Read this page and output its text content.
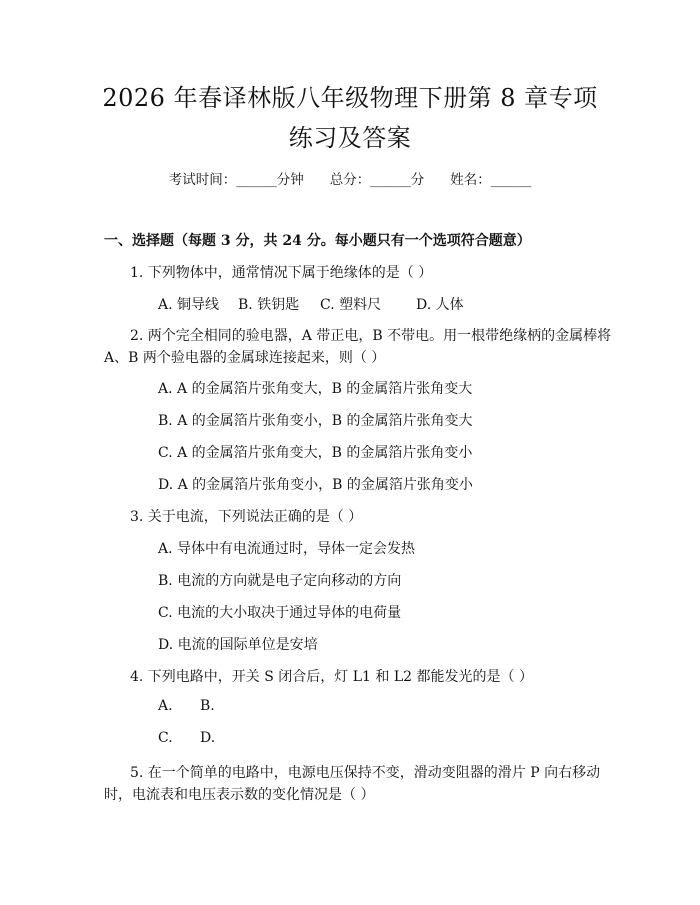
2026 年春译林版八年级物理下册第 8 章专项
练习及答案
考试时间：______分钟 总分：______分 姓名：______
一、选择题（每题 3 分，共 24 分。每小题只有一个选项符合题意）
1. 下列物体中，通常情况下属于绝缘体的是（ ）
A. 铜导线 B. 铁钥匙 C. 塑料尺 D. 人体
2. 两个完全相同的验电器，A 带正电，B 不带电。用一根带绝缘柄的金属棒将
A、B 两个验电器的金属球连接起来，则（ ）
A. A 的金属箔片张角变大，B 的金属箔片张角变大
B. A 的金属箔片张角变小，B 的金属箔片张角变大
C. A 的金属箔片张角变大，B 的金属箔片张角变小
D. A 的金属箔片张角变小，B 的金属箔片张角变小
3. 关于电流，下列说法正确的是（ ）
A. 导体中有电流通过时，导体一定会发热
B. 电流的方向就是电子定向移动的方向
C. 电流的大小取决于通过导体的电荷量
D. 电流的国际单位是安培
4. 下列电路中，开关 S 闭合后，灯 L1 和 L2 都能发光的是（ ）
A. B.
C. D.
5. 在一个简单的电路中，电源电压保持不变，滑动变阻器的滑片 P 向右移动
时，电流表和电压表示数的变化情况是（ ）
